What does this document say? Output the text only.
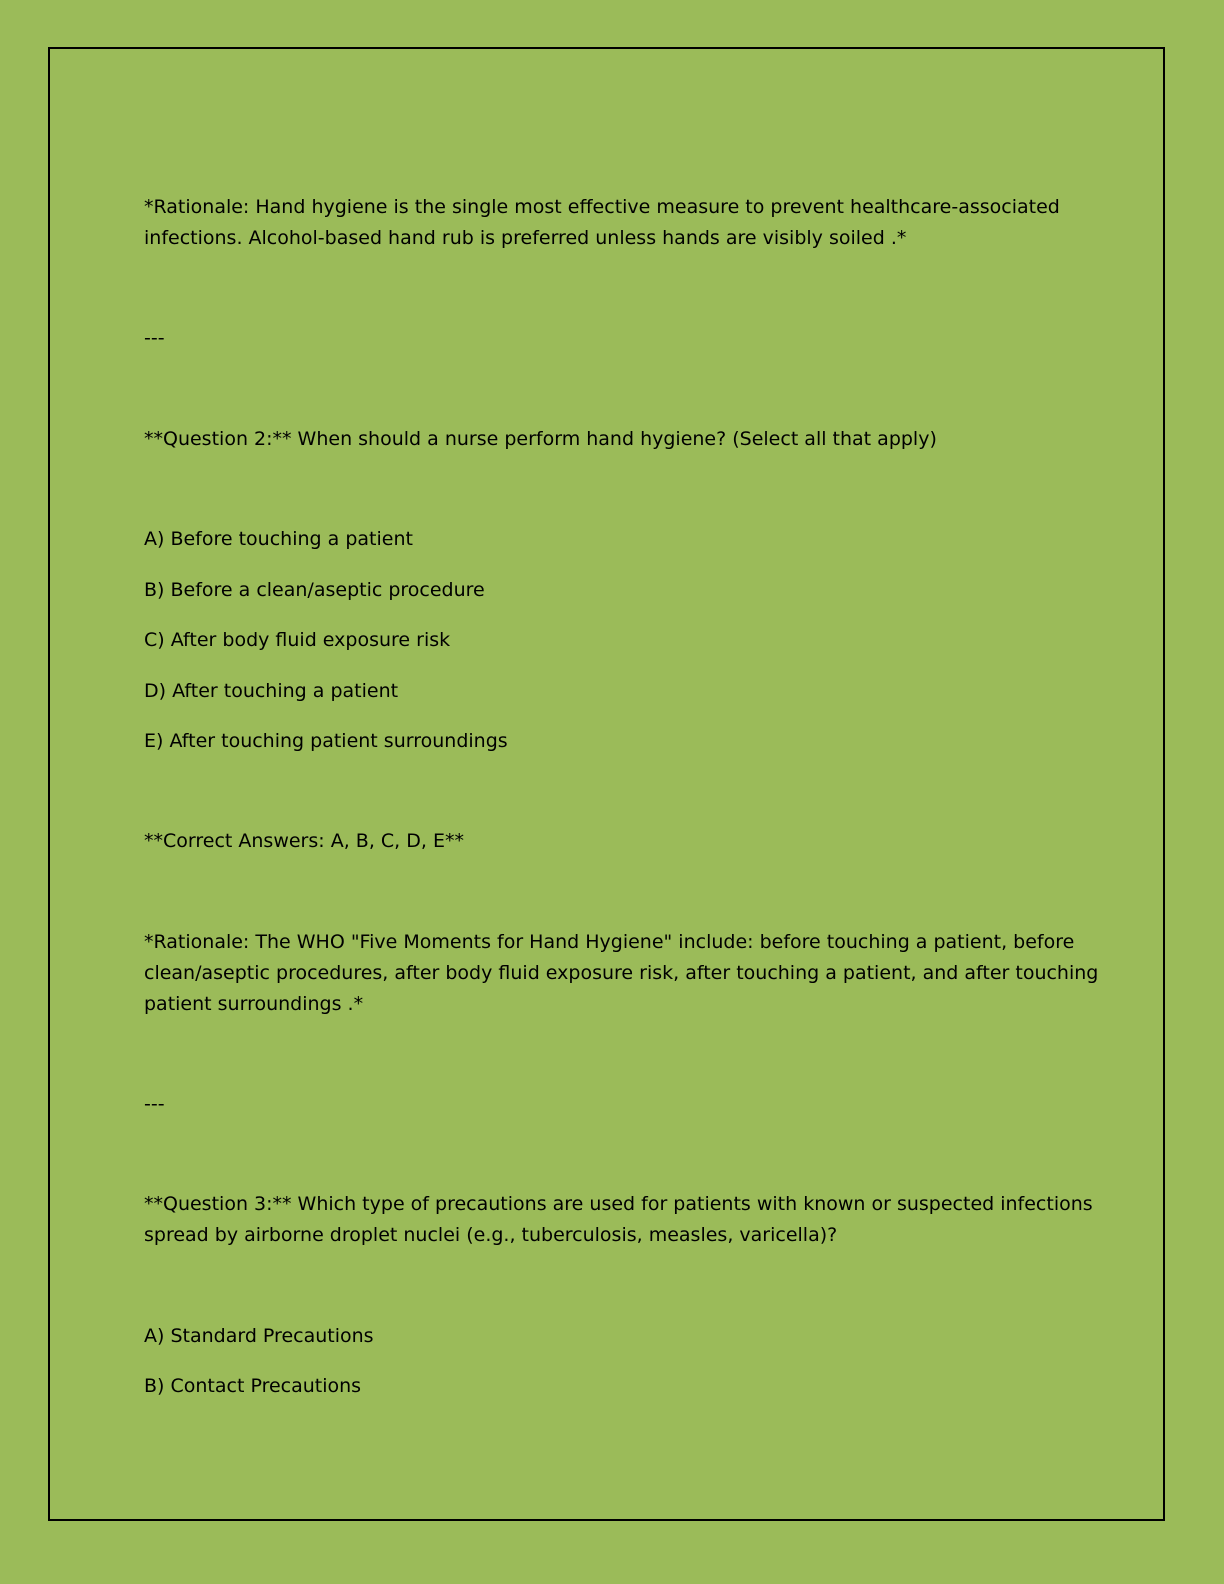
*Rationale: Hand hygiene is the single most effective measure to prevent healthcare-associated

infections. Alcohol-based hand rub is preferred unless hands are visibly soiled .*

---

**Question 2:** When should a nurse perform hand hygiene? (Select all that apply)

A) Before touching a patient

B) Before a clean/aseptic procedure

C) After body fluid exposure risk

D) After touching a patient

E) After touching patient surroundings

**Correct Answers: A, B, C, D, E**

*Rationale: The WHO "Five Moments for Hand Hygiene" include: before touching a patient, before

clean/aseptic procedures, after body fluid exposure risk, after touching a patient, and after touching

patient surroundings .*

---

**Question 3:** Which type of precautions are used for patients with known or suspected infections

spread by airborne droplet nuclei (e.g., tuberculosis, measles, varicella)?

A) Standard Precautions

B) Contact Precautions
